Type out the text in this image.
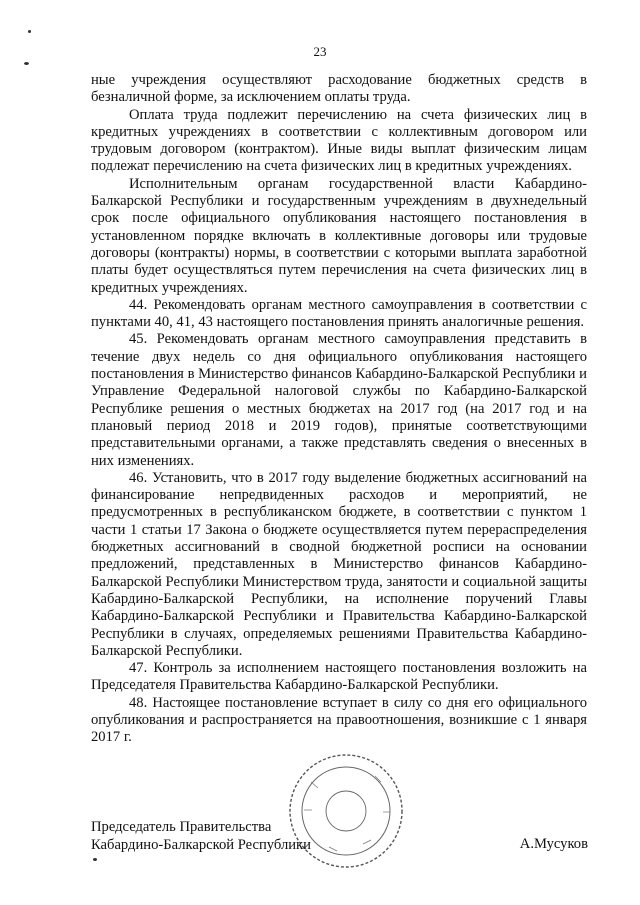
23

ные учреждения осуществляют расходование бюджетных средств в безналичной форме, за исключением оплаты труда.

Оплата труда подлежит перечислению на счета физических лиц в кредитных учреждениях в соответствии с коллективным договором или трудовым договором (контрактом). Иные виды выплат физическим лицам подлежат перечислению на счета физических лиц в кредитных учреждениях.

Исполнительным органам государственной власти Кабардино-Балкарской Республики и государственным учреждениям в двухнедельный срок после официального опубликования настоящего постановления в установленном порядке включать в коллективные договоры или трудовые договоры (контракты) нормы, в соответствии с которыми выплата заработной платы будет осуществляться путем перечисления на счета физических лиц в кредитных учреждениях.

44. Рекомендовать органам местного самоуправления в соответствии с пунктами 40, 41, 43 настоящего постановления принять аналогичные решения.

45. Рекомендовать органам местного самоуправления представить в течение двух недель со дня официального опубликования настоящего постановления в Министерство финансов Кабардино-Балкарской Республики и Управление Федеральной налоговой службы по Кабардино-Балкарской Республике решения о местных бюджетах на 2017 год (на 2017 год и на плановый период 2018 и 2019 годов), принятые соответствующими представительными органами, а также представлять сведения о внесенных в них изменениях.

46. Установить, что в 2017 году выделение бюджетных ассигнований на финансирование непредвиденных расходов и мероприятий, не предусмотренных в республиканском бюджете, в соответствии с пунктом 1 части 1 статьи 17 Закона о бюджете осуществляется путем перераспределения бюджетных ассигнований в сводной бюджетной росписи на основании предложений, представленных в Министерство финансов Кабардино-Балкарской Республики Министерством труда, занятости и социальной защиты Кабардино-Балкарской Республики, на исполнение поручений Главы Кабардино-Балкарской Республики и Правительства Кабардино-Балкарской Республики в случаях, определяемых решениями Правительства Кабардино-Балкарской Республики.

47. Контроль за исполнением настоящего постановления возложить на Председателя Правительства Кабардино-Балкарской Республики.

48. Настоящее постановление вступает в силу со дня его официального опубликования и распространяется на правоотношения, возникшие с 1 января 2017 г.

Председатель Правительства
Кабардино-Балкарской Республики	А.Мусуков
